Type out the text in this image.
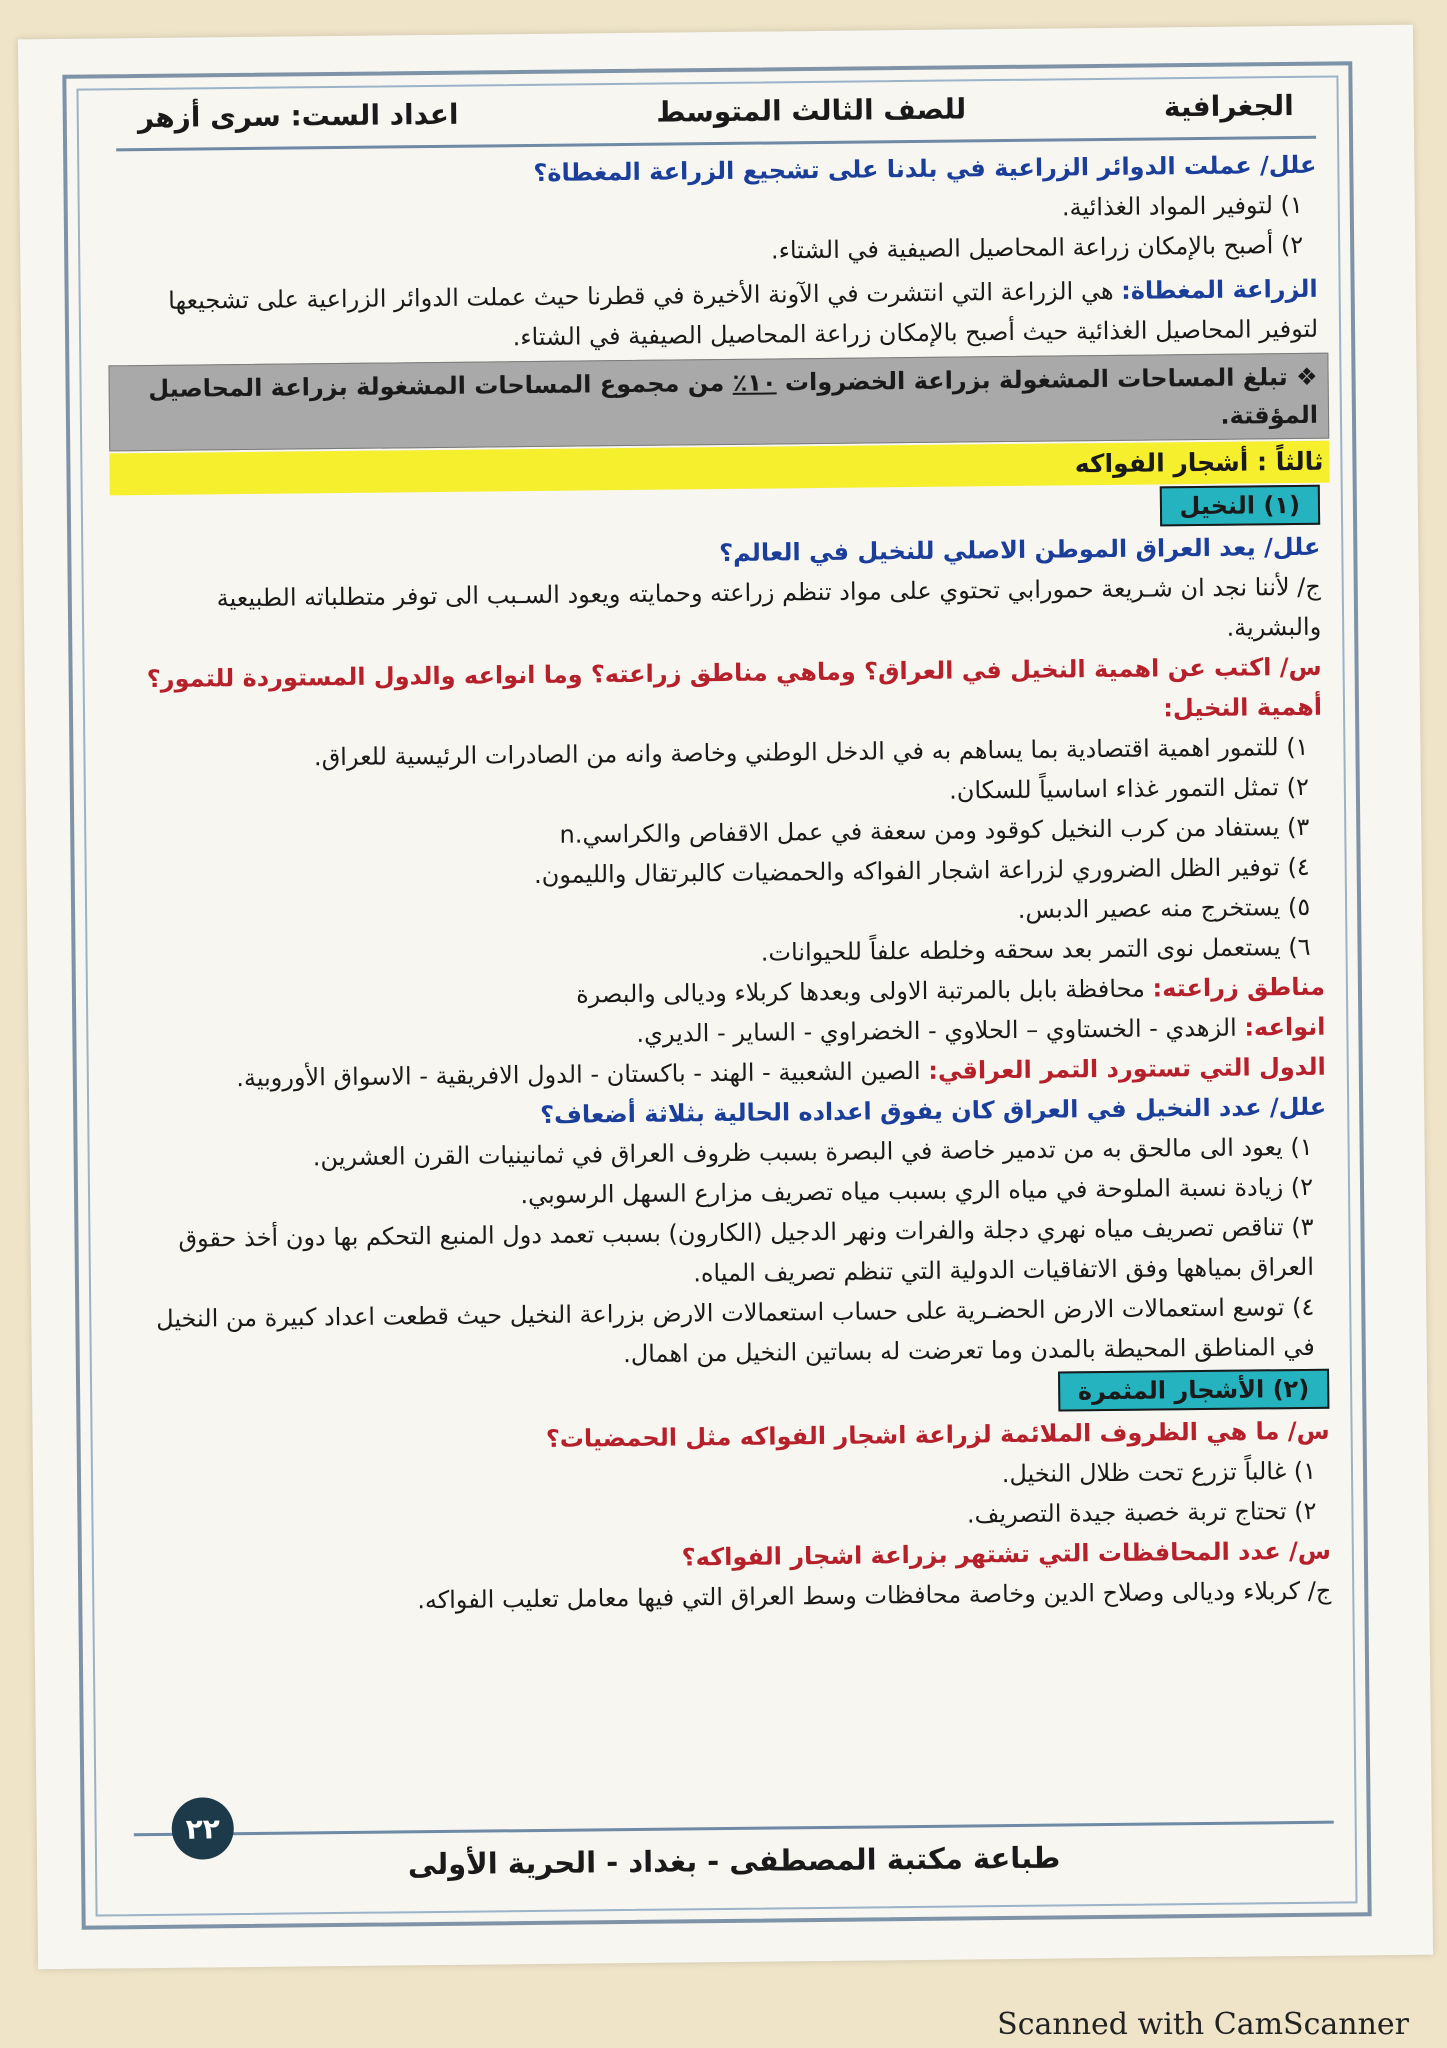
الجغرافية
للصف الثالث المتوسط
اعداد الست: سرى أزهر

علل/ عملت الدوائر الزراعية في بلدنا على تشجيع الزراعة المغطاة؟

١) لتوفير المواد الغذائية.

٢) أصبح بالإمكان زراعة المحاصيل الصيفية في الشتاء.

الزراعة المغطاة: هي الزراعة التي انتشرت في الآونة الأخيرة في قطرنا حيث عملت الدوائر الزراعية على تشجيعها لتوفير المحاصيل الغذائية حيث أصبح بالإمكان زراعة المحاصيل الصيفية في الشتاء.

❖ تبلغ المساحات المشغولة بزراعة الخضروات ١٠٪ من مجموع المساحات المشغولة بزراعة المحاصيل المؤقتة.
ثالثاً : أشجار الفواكه
(١) النخيل

علل/ يعد العراق الموطن الاصلي للنخيل في العالم؟

ج/ لأننا نجد ان شـريعة حمورابي تحتوي على مواد تنظم زراعته وحمايته ويعود السـبب الى توفر متطلباته الطبيعية والبشرية.

س/ اكتب عن اهمية النخيل في العراق؟ وماهي مناطق زراعته؟ وما انواعه والدول المستوردة للتمور؟

أهمية النخيل:

١) للتمور اهمية اقتصادية بما يساهم به في الدخل الوطني وخاصة وانه من الصادرات الرئيسية للعراق.

٢) تمثل التمور غذاء اساسياً للسكان.

٣) يستفاد من كرب النخيل كوقود ومن سعفة في عمل الاقفاص والكراسي.n

٤) توفير الظل الضروري لزراعة اشجار الفواكه والحمضيات كالبرتقال والليمون.

٥) يستخرج منه عصير الدبس.

٦) يستعمل نوى التمر بعد سحقه وخلطه علفاً للحيوانات.

مناطق زراعته: محافظة بابل بالمرتبة الاولى وبعدها كربلاء وديالى والبصرة

انواعه: الزهدي - الخستاوي – الحلاوي - الخضراوي - الساير - الديري.

الدول التي تستورد التمر العراقي: الصين الشعبية - الهند - باكستان - الدول الافريقية - الاسواق الأوروبية.

علل/ عدد النخيل في العراق كان يفوق اعداده الحالية بثلاثة أضعاف؟

١) يعود الى مالحق به من تدمير خاصة في البصرة بسبب ظروف العراق في ثمانينيات القرن العشرين.

٢) زيادة نسبة الملوحة في مياه الري بسبب مياه تصريف مزارع السهل الرسوبي.

٣) تناقص تصريف مياه نهري دجلة والفرات ونهر الدجيل (الكارون) بسبب تعمد دول المنبع التحكم بها دون أخذ حقوق العراق بمياهها وفق الاتفاقيات الدولية التي تنظم تصريف المياه.

٤) توسع استعمالات الارض الحضـرية على حساب استعمالات الارض بزراعة النخيل حيث قطعت اعداد كبيرة من النخيل في المناطق المحيطة بالمدن وما تعرضت له بساتين النخيل من اهمال.

(٢) الأشجار المثمرة

س/ ما هي الظروف الملائمة لزراعة اشجار الفواكه مثل الحمضيات؟

١) غالباً تزرع تحت ظلال النخيل.

٢) تحتاج تربة خصبة جيدة التصريف.

س/ عدد المحافظات التي تشتهر بزراعة اشجار الفواكه؟

ج/ كربلاء وديالى وصلاح الدين وخاصة محافظات وسط العراق التي فيها معامل تعليب الفواكه.

طباعة مكتبة المصطفى - بغداد - الحرية الأولى
٢٢
Scanned with CamScanner
